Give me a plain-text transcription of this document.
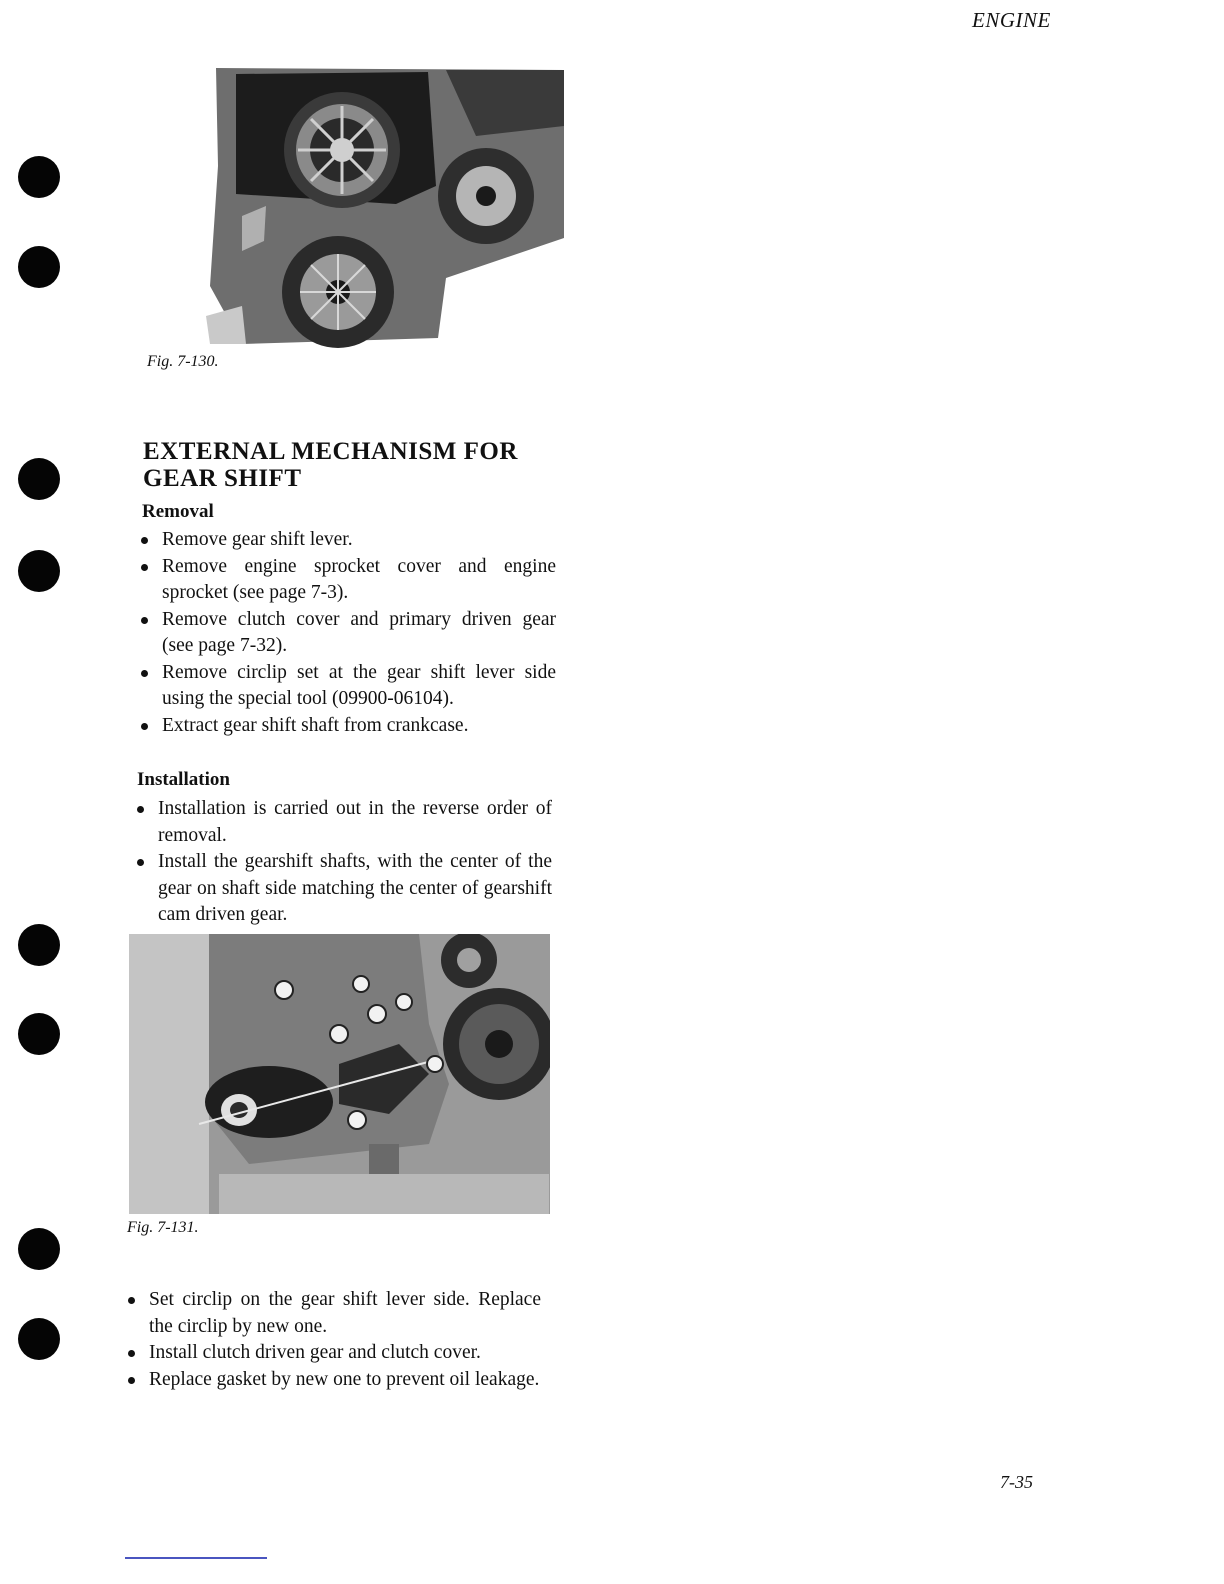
ENGINE
Fig. 7-130.
EXTERNAL MECHANISM FOR
GEAR SHIFT
Removal
Remove gear shift lever.
Remove engine sprocket cover and engine sprocket (see page 7-3).
Remove clutch cover and primary driven gear (see page 7-32).
Remove circlip set at the gear shift lever side using the special tool (09900-06104).
Extract gear shift shaft from crankcase.
Installation
Installation is carried out in the reverse order of removal.
Install the gearshift shafts, with the center of the gear on shaft side matching the center of gearshift cam driven gear.
Fig. 7-131.
Set circlip on the gear shift lever side. Replace the circlip by new one.
Install clutch driven gear and clutch cover.
Replace gasket by new one to prevent oil leakage.
7-35
